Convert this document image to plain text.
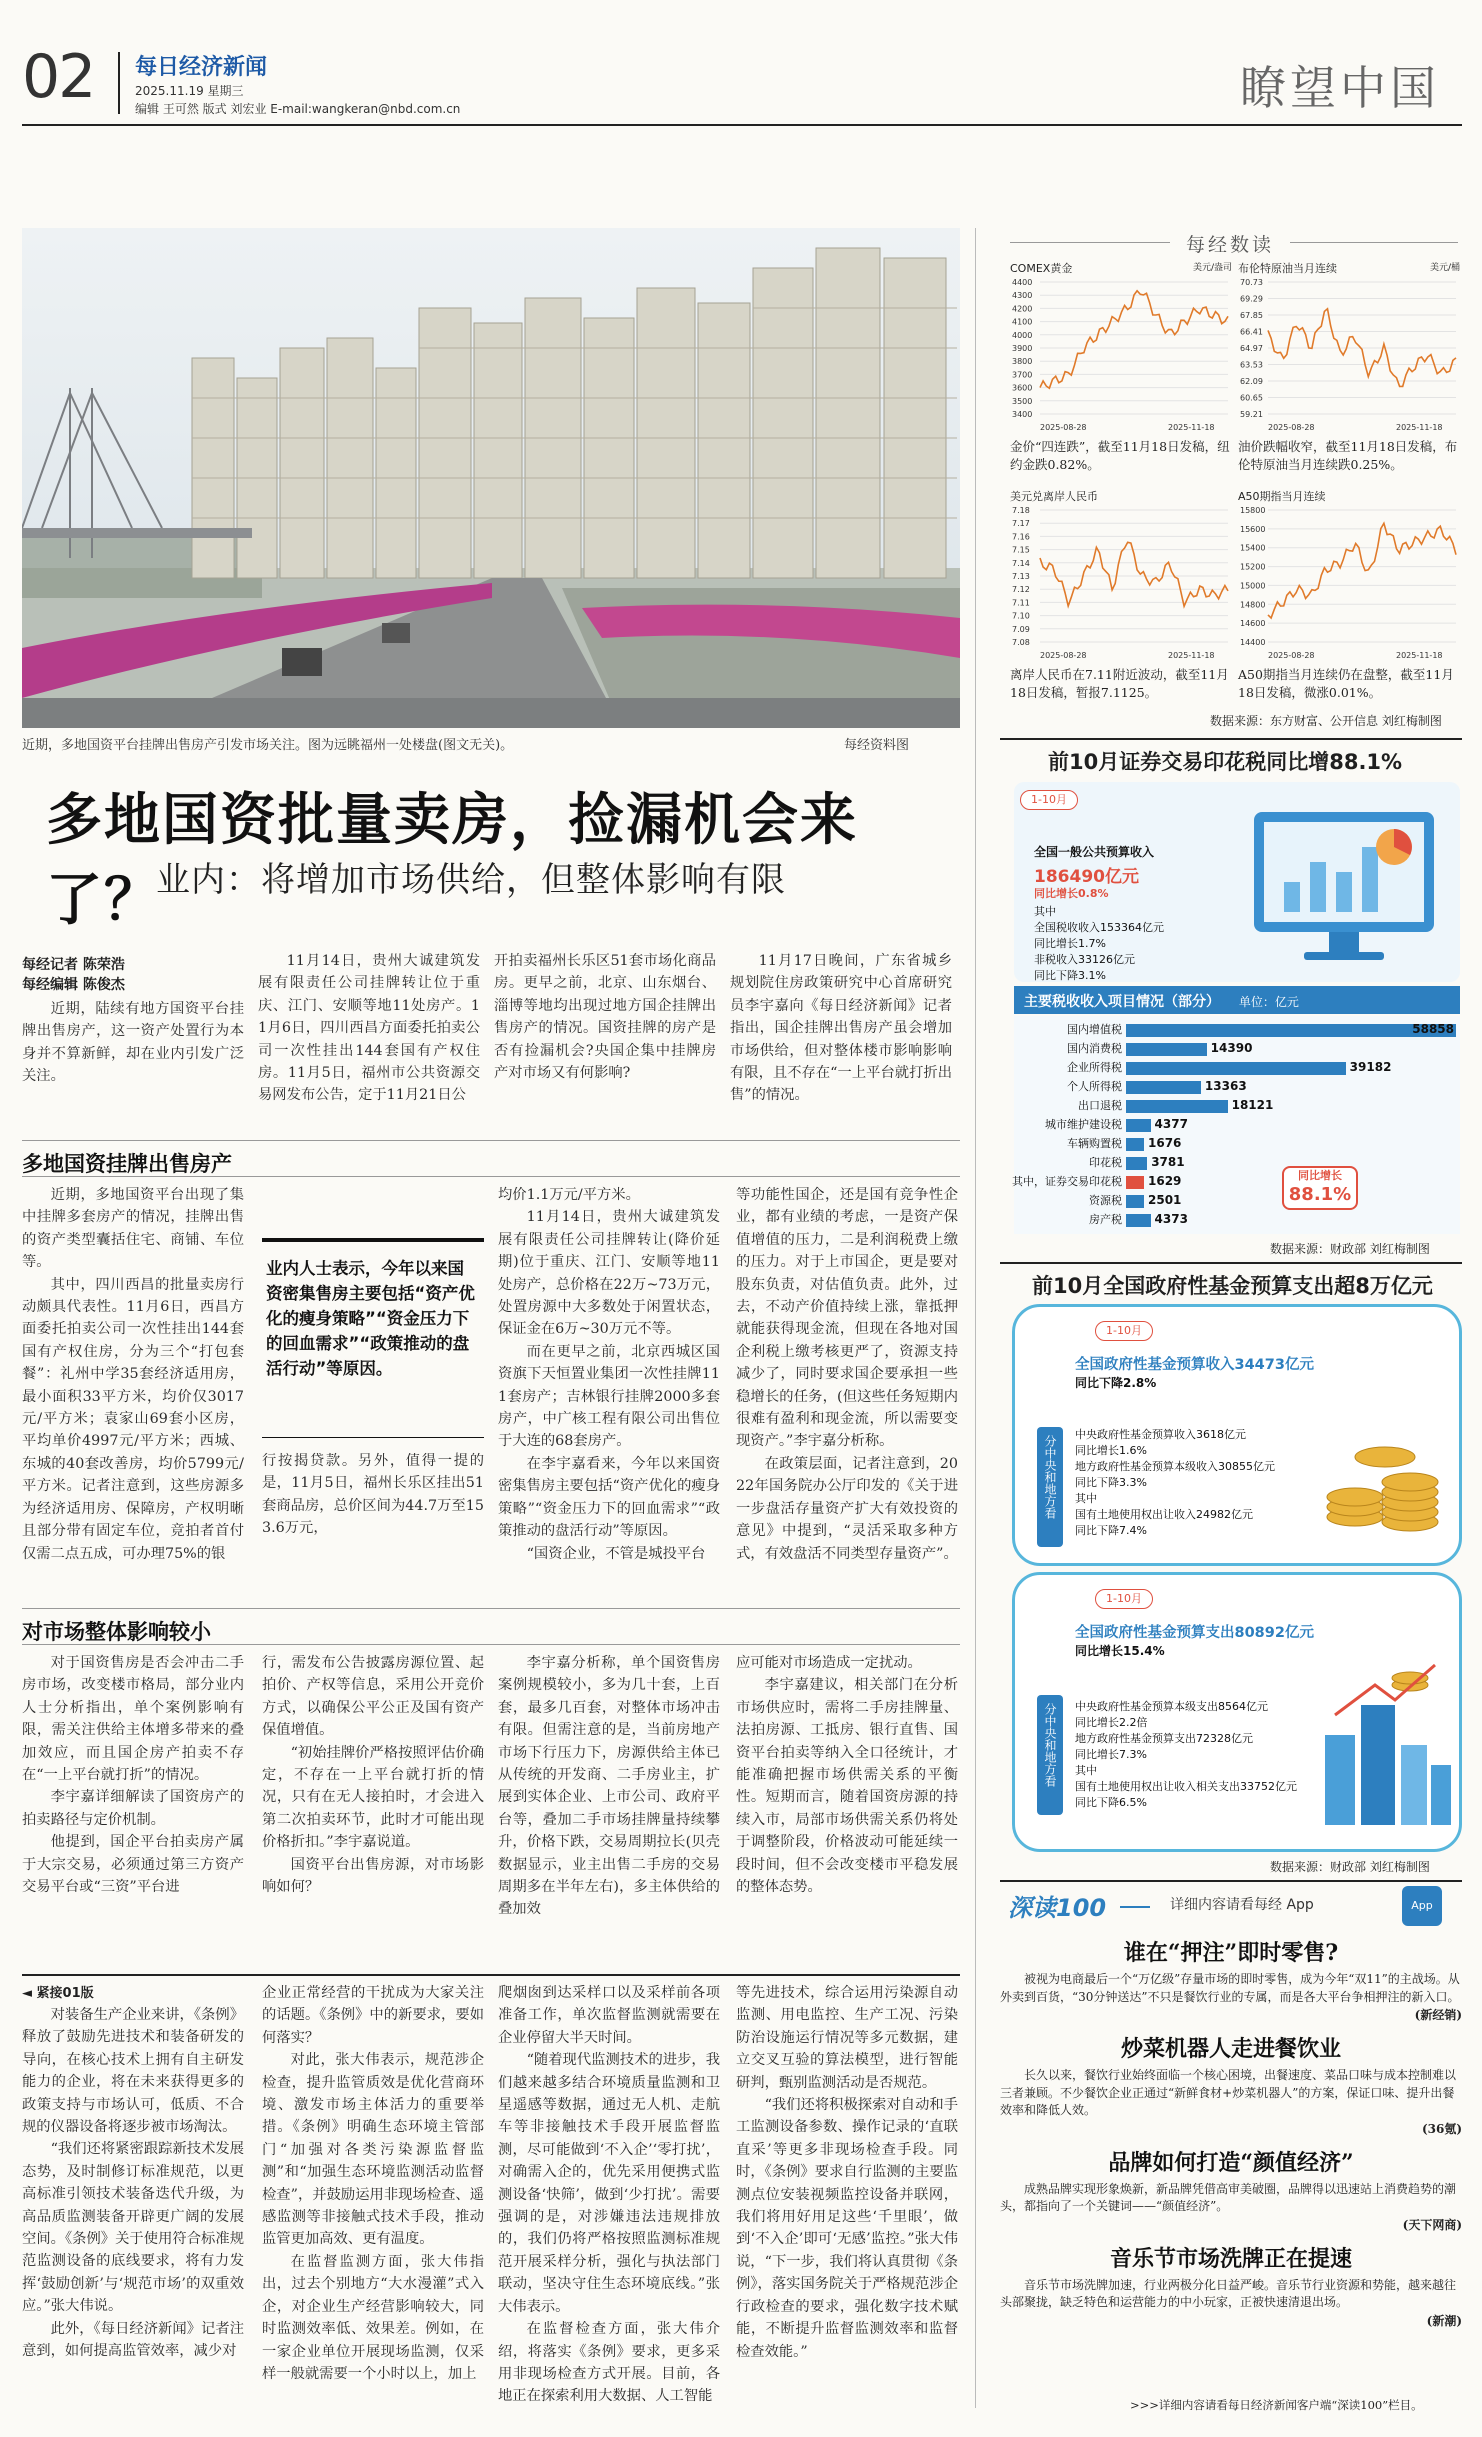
02 每日经济新闻
2025.11.19 星期三
编辑 王可然 版式 刘宏业 E-mail:wangkeran@nbd.com.cn	瞭望中国
近期，多地国资平台挂牌出售房产引发市场关注。图为远眺福州一处楼盘(图文无关)。	每经资料图
多地国资批量卖房，捡漏机会来了？
业内：将增加市场供给，但整体影响有限
每经记者 陈荣浩
每经编辑 陈俊杰

近期，陆续有地方国资平台挂牌出售房产，这一资产处置行为本身并不算新鲜，却在业内引发广泛关注。

11月14日，贵州大诚建筑发展有限责任公司挂牌转让位于重庆、江门、安顺等地11处房产。11月6日，四川西昌方面委托拍卖公司一次性挂出144套国有产权住房。11月5日，福州市公共资源交易网发布公告，定于11月21日公

开拍卖福州长乐区51套市场化商品房。更早之前，北京、山东烟台、淄博等地均出现过地方国企挂牌出售房产的情况。国资挂牌的房产是否有捡漏机会?央国企集中挂牌房产对市场又有何影响?

11月17日晚间，广东省城乡规划院住房政策研究中心首席研究员李宇嘉向《每日经济新闻》记者指出，国企挂牌出售房产虽会增加市场供给，但对整体楼市影响影响有限，且不存在“一上平台就打折出售”的情况。

多地国资挂牌出售房产

近期，多地国资平台出现了集中挂牌多套房产的情况，挂牌出售的资产类型囊括住宅、商铺、车位等。

其中，四川西昌的批量卖房行动颇具代表性。11月6日，西昌方面委托拍卖公司一次性挂出144套国有产权住房，分为三个“打包套餐”：礼州中学35套经济适用房，最小面积33平方米，均价仅3017元/平方米；袁家山69套小区房，平均单价4997元/平方米；西城、东城的40套改善房，均价5799元/平方米。记者注意到，这些房源多为经济适用房、保障房，产权明晰且部分带有固定车位，竞拍者首付仅需二点五成，可办理75%的银

业内人士表示，今年以来国资密集售房主要包括“资产优化的瘦身策略”“资金压力下的回血需求”“政策推动的盘活行动”等原因。

行按揭贷款。另外，值得一提的是，11月5日，福州长乐区挂出51套商品房，总价区间为44.7万至153.6万元，

均价1.1万元/平方米。

11月14日，贵州大诚建筑发展有限责任公司挂牌转让(降价延期)位于重庆、江门、安顺等地11处房产，总价格在22万~73万元，处置房源中大多数处于闲置状态，保证金在6万~30万元不等。

而在更早之前，北京西城区国资旗下天恒置业集团一次性挂牌111套房产；吉林银行挂牌2000多套房产，中广核工程有限公司出售位于大连的68套房产。

在李宇嘉看来，今年以来国资密集售房主要包括“资产优化的瘦身策略”“资金压力下的回血需求”“政策推动的盘活行动”等原因。

“国资企业，不管是城投平台

等功能性国企，还是国有竞争性企业，都有业绩的考虑，一是资产保值增值的压力，二是利润税费上缴的压力。对于上市国企，更是要对股东负责，对估值负责。此外，过去，不动产价值持续上涨，靠抵押就能获得现金流，但现在各地对国企利税上缴考核更严了，资源支持减少了，同时要求国企要承担一些稳增长的任务，(但这些任务短期内很难有盈利和现金流，所以需要变现资产。”李宇嘉分析称。

在政策层面，记者注意到，2022年国务院办公厅印发的《关于进一步盘活存量资产扩大有效投资的意见》中提到，“灵活采取多种方式，有效盘活不同类型存量资产”。

对市场整体影响较小

对于国资售房是否会冲击二手房市场，改变楼市格局，部分业内人士分析指出，单个案例影响有限，需关注供给主体增多带来的叠加效应，而且国企房产拍卖不存在“一上平台就打折”的情况。

李宇嘉详细解读了国资房产的拍卖路径与定价机制。

他提到，国企平台拍卖房产属于大宗交易，必须通过第三方资产交易平台或“三资”平台进

行，需发布公告披露房源位置、起拍价、产权等信息，采用公开竞价方式，以确保公平公正及国有资产保值增值。

“初始挂牌价严格按照评估价确定，不存在一上平台就打折的情况，只有在无人接拍时，才会进入第二次拍卖环节，此时才可能出现价格折扣。”李宇嘉说道。

国资平台出售房源，对市场影响如何？

李宇嘉分析称，单个国资售房案例规模较小，多为几十套，上百套，最多几百套，对整体市场冲击有限。但需注意的是，当前房地产市场下行压力下，房源供给主体已从传统的开发商、二手房业主，扩展到实体企业、上市公司、政府平台等，叠加二手市场挂牌量持续攀升，价格下跌，交易周期拉长(贝壳数据显示，业主出售二手房的交易周期多在半年左右)，多主体供给的叠加效

应可能对市场造成一定扰动。

李宇嘉建议，相关部门在分析市场供应时，需将二手房挂牌量、法拍房源、工抵房、银行直售、国资平台拍卖等纳入全口径统计，才能准确把握市场供需关系的平衡性。短期而言，随着国资房源的持续入市，局部市场供需关系仍将处于调整阶段，价格波动可能延续一段时间，但不会改变楼市平稳发展的整体态势。

◄ 紧接01版

对装备生产企业来讲，《条例》释放了鼓励先进技术和装备研发的导向，在核心技术上拥有自主研发能力的企业，将在未来获得更多的政策支持与市场认可，低质、不合规的仪器设备将逐步被市场淘汰。

“我们还将紧密跟踪新技术发展态势，及时制修订标准规范，以更高标准引领技术装备迭代升级，为高品质监测装备开辟更广阔的发展空间。《条例》关于使用符合标准规范监测设备的底线要求，将有力发挥‘鼓励创新’与‘规范市场’的双重效应。”张大伟说。

此外，《每日经济新闻》记者注意到，如何提高监管效率，减少对

企业正常经营的干扰成为大家关注的话题。《条例》中的新要求，要如何落实？

对此，张大伟表示，规范涉企检查，提升监管质效是优化营商环境、激发市场主体活力的重要举措。《条例》明确生态环境主管部门“加强对各类污染源监督监测”和“加强生态环境监测活动监督检查”，并鼓励运用非现场检查、遥感监测等非接触式技术手段，推动监管更加高效、更有温度。

在监督监测方面，张大伟指出，过去个别地方“大水漫灌”式入企，对企业生产经营影响较大，同时监测效率低、效果差。例如，在一家企业单位开展现场监测，仅采样一般就需要一个小时以上，加上

爬烟囱到达采样口以及采样前各项准备工作，单次监督监测就需要在企业停留大半天时间。

“随着现代监测技术的进步，我们越来越多结合环境质量监测和卫星遥感等数据，通过无人机、走航车等非接触技术手段开展监督监测，尽可能做到‘不入企’‘零打扰’，对确需入企的，优先采用便携式监测设备‘快筛’，做到‘少打扰’。需要强调的是，对涉嫌违法违规排放的，我们仍将严格按照监测标准规范开展采样分析，强化与执法部门联动，坚决守住生态环境底线。”张大伟表示。

在监督检查方面，张大伟介绍，将落实《条例》要求，更多采用非现场检查方式开展。目前，各地正在探索利用大数据、人工智能

等先进技术，综合运用污染源自动监测、用电监控、生产工况、污染防治设施运行情况等多元数据，建立交叉互验的算法模型，进行智能研判，甄别监测活动是否规范。

“我们还将积极探索对自动和手工监测设备参数、操作记录的‘直联直采’等更多非现场检查手段。同时，《条例》要求自行监测的主要监测点位安装视频监控设备并联网，我们将用好用足这些‘千里眼’，做到‘不入企’即可‘无感’监控。”张大伟说，“下一步，我们将认真贯彻《条例》，落实国务院关于严格规范涉企行政检查的要求，强化数字技术赋能，不断提升监督监测效率和监督检查效能。”

每经数读
COMEX黄金	美元/盎司
4400
4300
4200
4100
4000
3900
3800
3700
3600
3500
3400
2025-08-28	2025-11-18
金价“四连跌”，截至11月18日发稿，纽约金跌0.82%。
布伦特原油当月连续	美元/桶
70.73
69.29
67.85
66.41
64.97
63.53
62.09
60.65
59.21
2025-08-28	2025-11-18
油价跌幅收窄，截至11月18日发稿，布伦特原油当月连续跌0.25%。
美元兑离岸人民币
7.18
7.17
7.16
7.15
7.14
7.13
7.12
7.11
7.10
7.09
7.08
2025-08-28	2025-11-18
离岸人民币在7.11附近波动，截至11月18日发稿，暂报7.1125。
A50期指当月连续
15800
15600
15400
15200
15000
14800
14600
14400
2025-08-28	2025-11-18
A50期指当月连续仍在盘整，截至11月18日发稿，微涨0.01%。
数据来源：东方财富、公开信息 刘红梅制图
前10月证券交易印花税同比增88.1%
1-10月
全国一般公共预算收入
186490亿元
同比增长0.8%
其中
全国税收收入153364亿元
同比增长1.7%
非税收入33126亿元
同比下降3.1%
主要税收收入项目情况（部分） 单位：亿元
国内增值税	58858
国内消费税	14390
企业所得税	39182
个人所得税	13363
出口退税	18121
城市维护建设税	4377
车辆购置税 1676
印花税 3781
其中，证券交易印花税 1629
资源税 2501
房产税	4373
同比增长
88.1%
数据来源：财政部 刘红梅制图
前10月全国政府性基金预算支出超8万亿元
1-10月
全国政府性基金预算收入34473亿元
同比下降2.8%
分中央和地方看
中央政府性基金预算收入3618亿元
同比增长1.6%
地方政府性基金预算本级收入30855亿元
同比下降3.3%
其中
国有土地使用权出让收入24982亿元
同比下降7.4%
1-10月
全国政府性基金预算支出80892亿元
同比增长15.4%
分中央和地方看	中央政府性基金预算本级支出8564亿元
同比增长2.2倍
地方政府性基金预算支出72328亿元
同比增长7.3%
其中
国有土地使用权出让收入相关支出33752亿元
同比下降6.5%
数据来源：财政部 刘红梅制图
深读100	详细内容请看每经 App	App
谁在“押注”即时零售?
被视为电商最后一个“万亿级”存量市场的即时零售，成为今年“双11”的主战场。从外卖到百货，“30分钟送达”不只是餐饮行业的专属，而是各大平台争相押注的新入口。
(新经销)
炒菜机器人走进餐饮业
长久以来，餐饮行业始终面临一个核心困境，出餐速度、菜品口味与成本控制难以三者兼顾。不少餐饮企业正通过“新鲜食材+炒菜机器人”的方案，保证口味、提升出餐效率和降低人效。
(36氪)
品牌如何打造“颜值经济”
成熟品牌实现形象焕新，新品牌凭借高审美破圈，品牌得以迅速站上消费趋势的潮头，都指向了一个关键词——“颜值经济”。
(天下网商)
音乐节市场洗牌正在提速
音乐节市场洗牌加速，行业两极分化日益严峻。音乐节行业资源和势能，越来越往头部聚拢，缺乏特色和运营能力的中小玩家，正被快速清退出场。
(新潮)
>>>详细内容请看每日经济新闻客户端“深读100”栏目。
